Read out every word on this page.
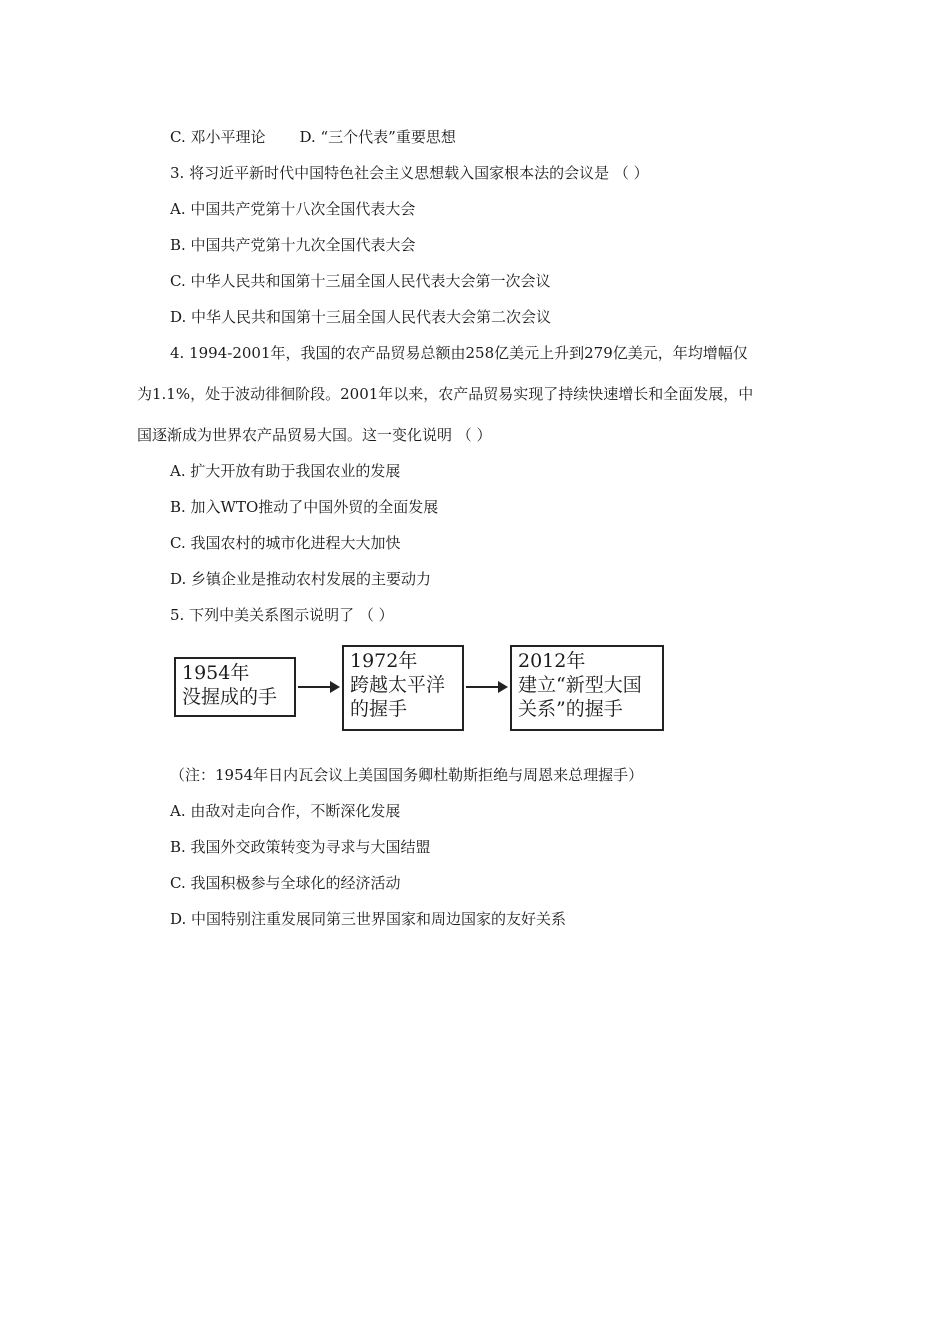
C. 邓小平理论 D. “三个代表”重要思想
3. 将习近平新时代中国特色社会主义思想载入国家根本法的会议是 （ ）
A. 中国共产党第十八次全国代表大会
B. 中国共产党第十九次全国代表大会
C. 中华人民共和国第十三届全国人民代表大会第一次会议
D. 中华人民共和国第十三届全国人民代表大会第二次会议
4. 1994-2001年，我国的农产品贸易总额由258亿美元上升到279亿美元，年均增幅仅
为1.1%，处于波动徘徊阶段。2001年以来，农产品贸易实现了持续快速增长和全面发展，中
国逐渐成为世界农产品贸易大国。这一变化说明 （ ）
A. 扩大开放有助于我国农业的发展
B. 加入WTO推动了中国外贸的全面发展
C. 我国农村的城市化进程大大加快
D. 乡镇企业是推动农村发展的主要动力
5. 下列中美关系图示说明了 （ ）
1954年
没握成的手
1972年
跨越太平洋
的握手
2012年
建立“新型大国
关系”的握手
（注：1954年日内瓦会议上美国国务卿杜勒斯拒绝与周恩来总理握手）
A. 由敌对走向合作，不断深化发展
B. 我国外交政策转变为寻求与大国结盟
C. 我国积极参与全球化的经济活动
D. 中国特别注重发展同第三世界国家和周边国家的友好关系
